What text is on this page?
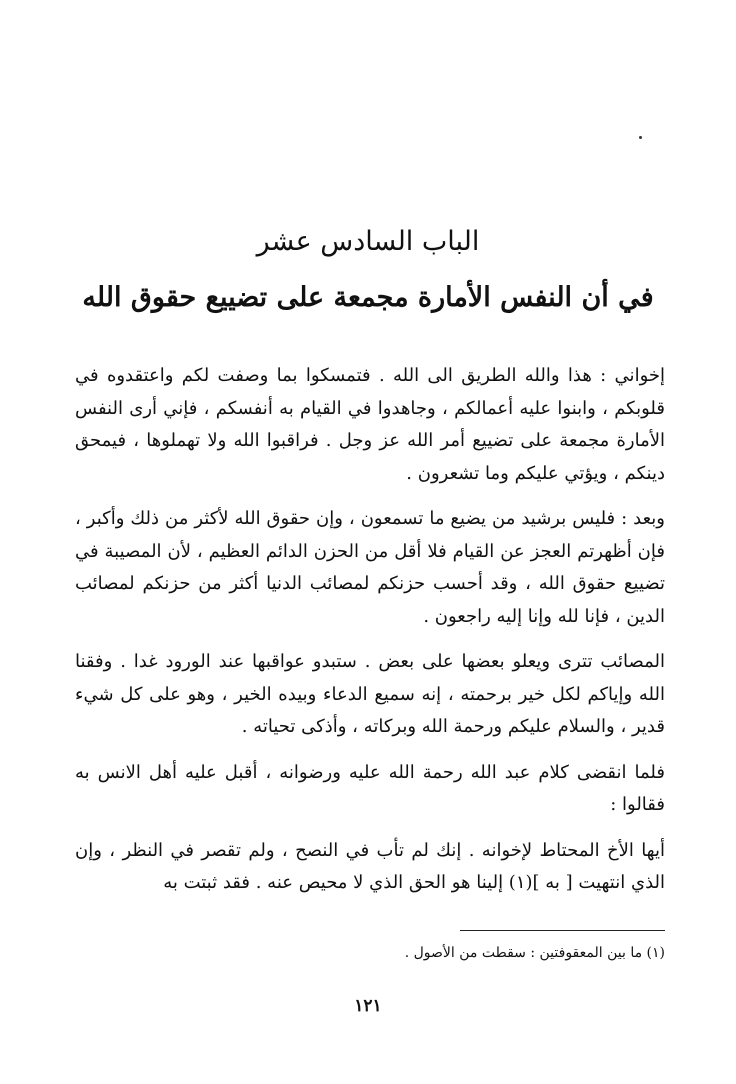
الباب السادس عشر
في أن النفس الأمارة مجمعة على تضييع حقوق الله

إخواني : هذا والله الطريق الى الله . فتمسكوا بما وصفت لكم واعتقدوه في قلوبكم ، وابنوا عليه أعمالكم ، وجاهدوا في القيام به أنفسكم ، فإني أرى النفس الأمارة مجمعة على تضييع أمر الله عز وجل . فراقبوا الله ولا تهملوها ، فيمحق دينكم ، ويؤتي عليكم وما تشعرون .

وبعد : فليس برشيد من يضيع ما تسمعون ، وإن حقوق الله لأكثر من ذلك وأكبر ، فإن أظهرتم العجز عن القيام فلا أقل من الحزن الدائم العظيم ، لأن المصيبة في تضييع حقوق الله ، وقد أحسب حزنكم لمصائب الدنيا أكثر من حزنكم لمصائب الدين ، فإنا لله وإنا إليه راجعون .

المصائب تترى ويعلو بعضها على بعض . ستبدو عواقبها عند الورود غدا . وفقنا الله وإياكم لكل خير برحمته ، إنه سميع الدعاء وبيده الخير ، وهو على كل شيء قدير ، والسلام عليكم ورحمة الله وبركاته ، وأذكى تحياته .

فلما انقضى كلام عبد الله رحمة الله عليه ورضوانه ، أقبل عليه أهل الانس به فقالوا :

أيها الأخ المحتاط لإخوانه . إنك لم تأب في النصح ، ولم تقصر في النظر ، وإن الذي انتهيت [ به ](١) إلينا هو الحق الذي لا محيص عنه . فقد ثبتت به

(١) ما بين المعقوفتين : سقطت من الأصول .
١٢١
